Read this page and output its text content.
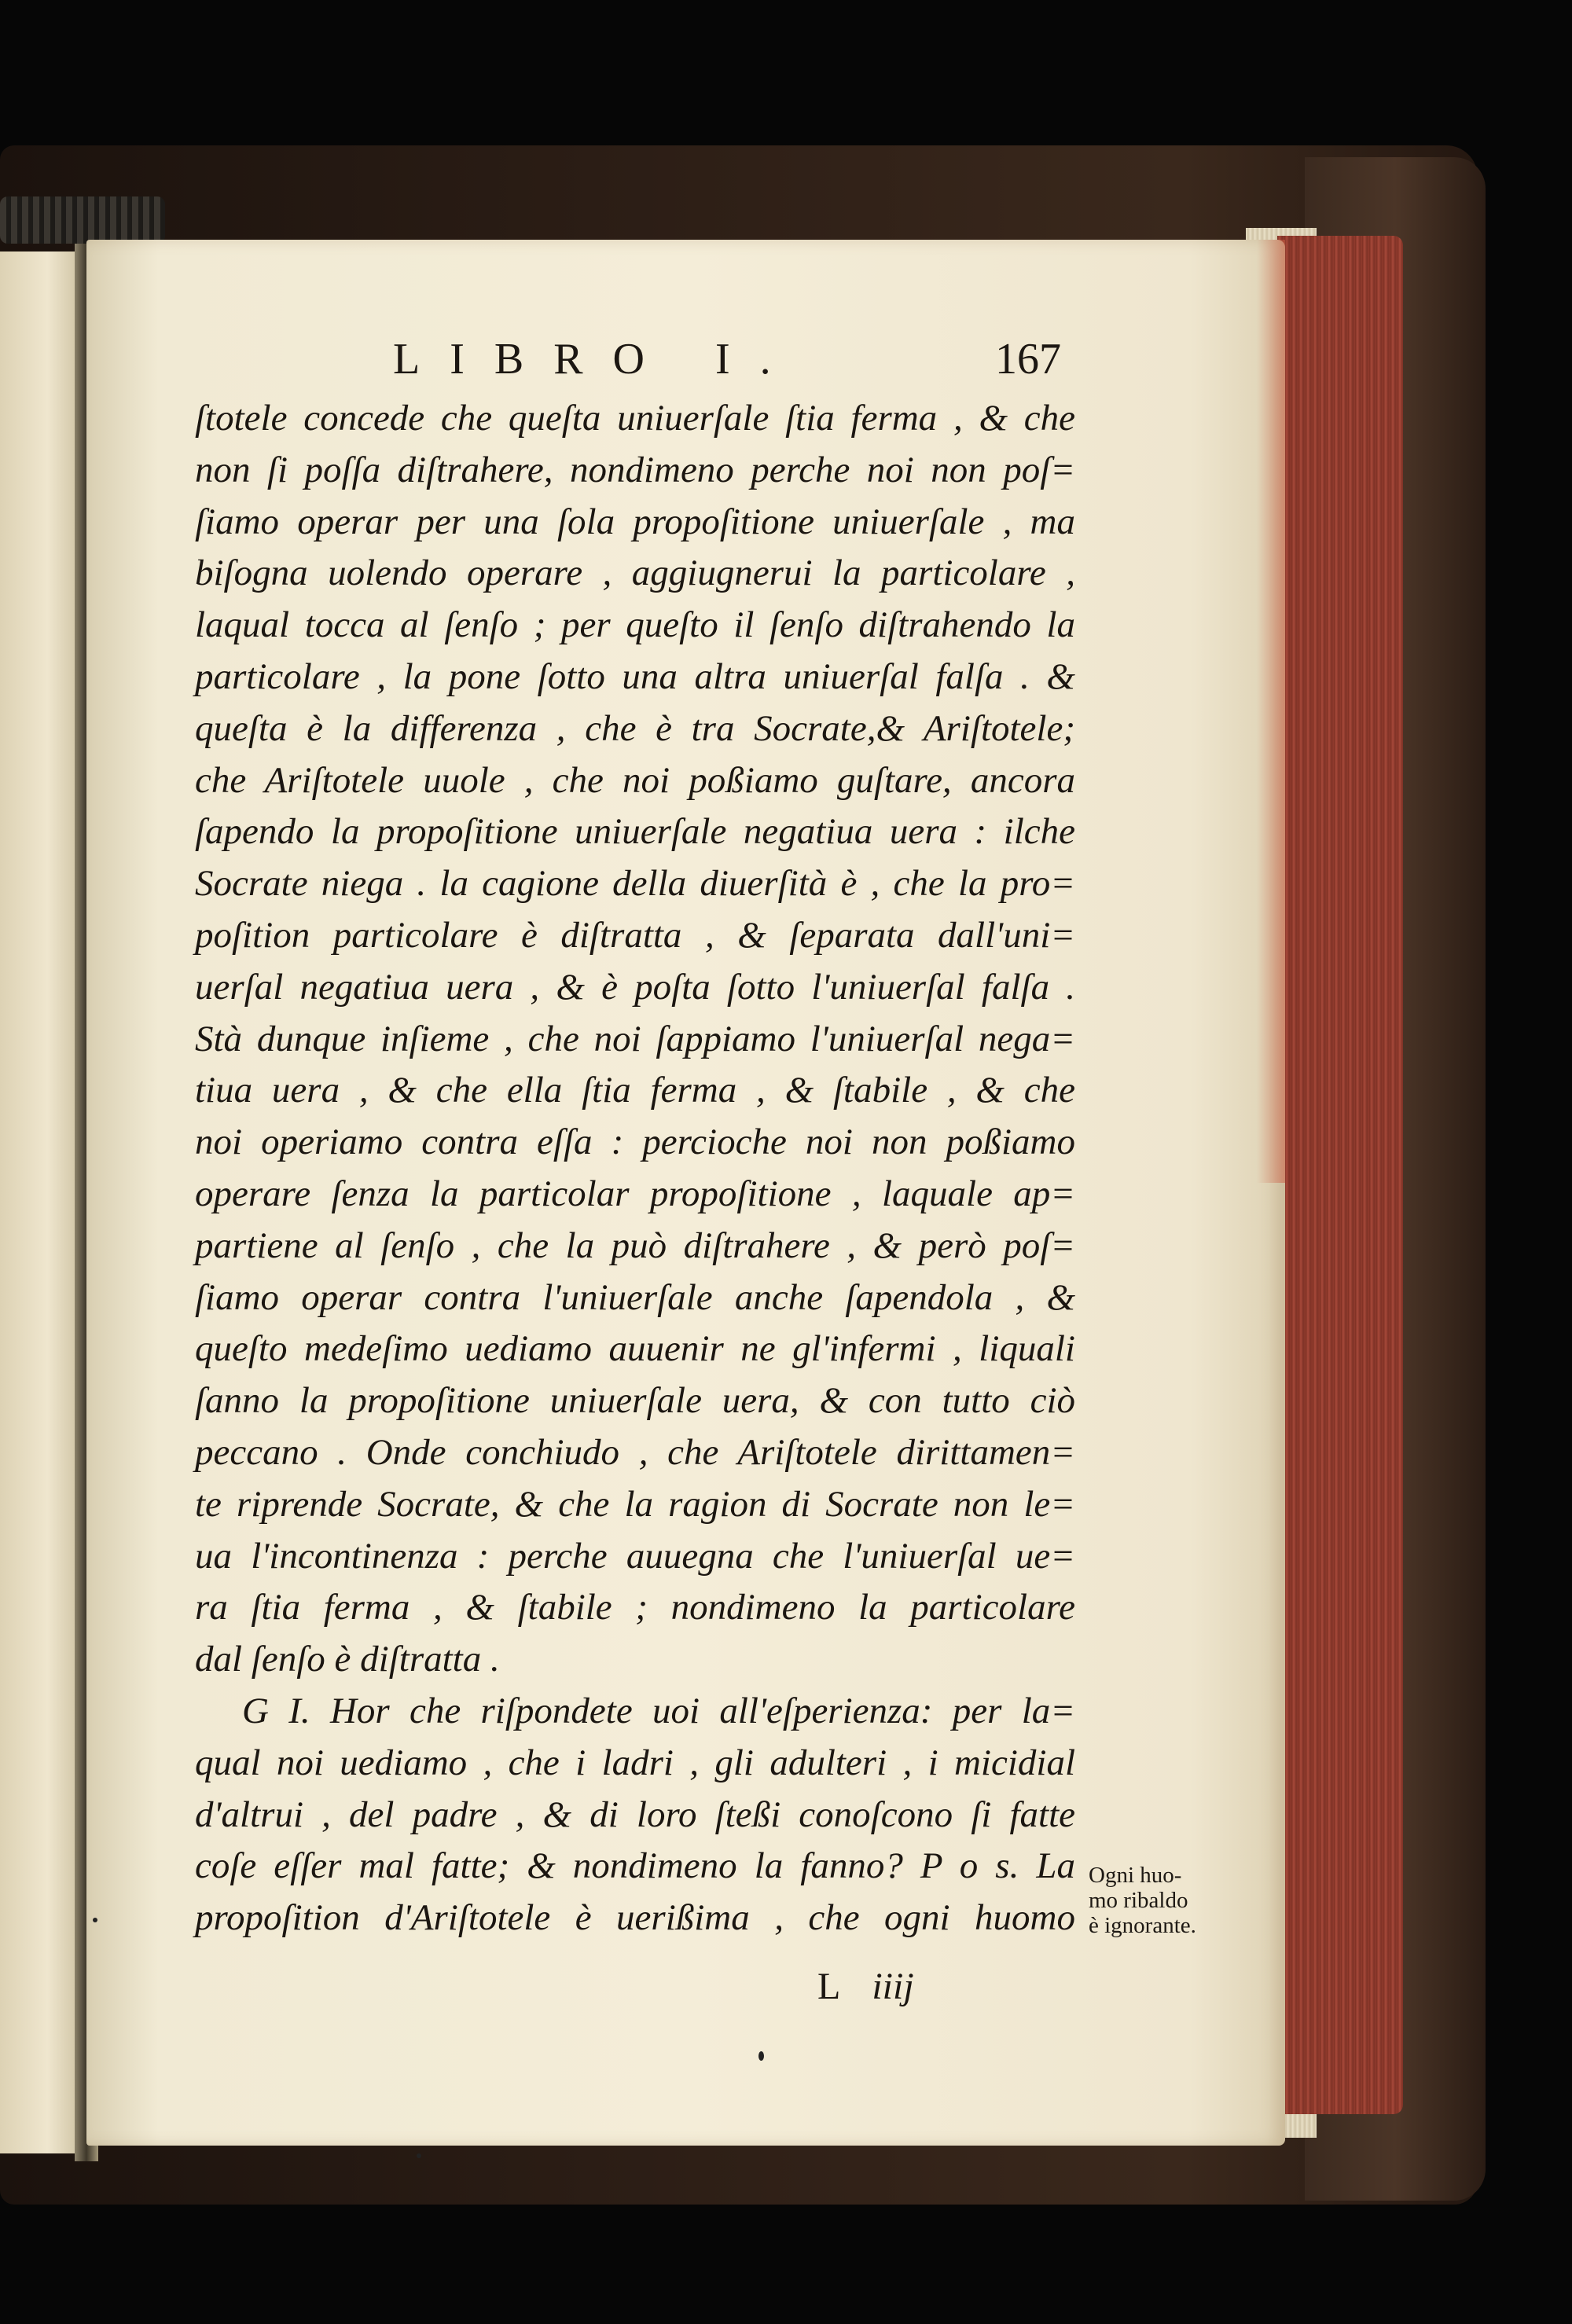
LIBRO I.	167
ſtotele concede che queſta uniuerſale ſtia ferma , & che
non ſi poſſa diſtrahere, nondimeno perche noi non poſ=
ſiamo operar per una ſola propoſitione uniuerſale , ma
biſogna uolendo operare , aggiugnerui la particolare ,
laqual tocca al ſenſo ; per queſto il ſenſo diſtrahendo la
particolare , la pone ſotto una altra uniuerſal falſa . &
queſta è la differenza , che è tra Socrate,& Ariſtotele;
che Ariſtotele uuole , che noi poßiamo guſtare, ancora
ſapendo la propoſitione uniuerſale negatiua uera : ilche
Socrate niega . la cagione della diuerſità è , che la pro=
poſition particolare è diſtratta , & ſeparata dall'uni=
uerſal negatiua uera , & è poſta ſotto l'uniuerſal falſa .
Stà dunque inſieme , che noi ſappiamo l'uniuerſal nega=
tiua uera , & che ella ſtia ferma , & ſtabile , & che
noi operiamo contra eſſa : percioche noi non poßiamo
operare ſenza la particolar propoſitione , laquale ap=
partiene al ſenſo , che la può diſtrahere , & però poſ=
ſiamo operar contra l'uniuerſale anche ſapendola , &
queſto medeſimo uediamo auuenir ne gl'infermi , liquali
ſanno la propoſitione uniuerſale uera, & con tutto ciò
peccano . Onde conchiudo , che Ariſtotele dirittamen=
te riprende Socrate, & che la ragion di Socrate non le=
ua l'incontinenza : perche auuegna che l'uniuerſal ue=
ra ſtia ferma , & ſtabile ; nondimeno la particolare
dal ſenſo è diſtratta .
G I. Hor che riſpondete uoi all'eſperienza: per la=
qual noi uediamo , che i ladri , gli adulteri , i micidial
d'altrui , del padre , & di loro ſteßi conoſcono ſi fatte
coſe eſſer mal fatte; & nondimeno la fanno? P o s. La
propoſition d'Ariſtotele è uerißima , che ogni huomo
Ogni huo-
mo ribaldo
è ignorante.
L iiij
